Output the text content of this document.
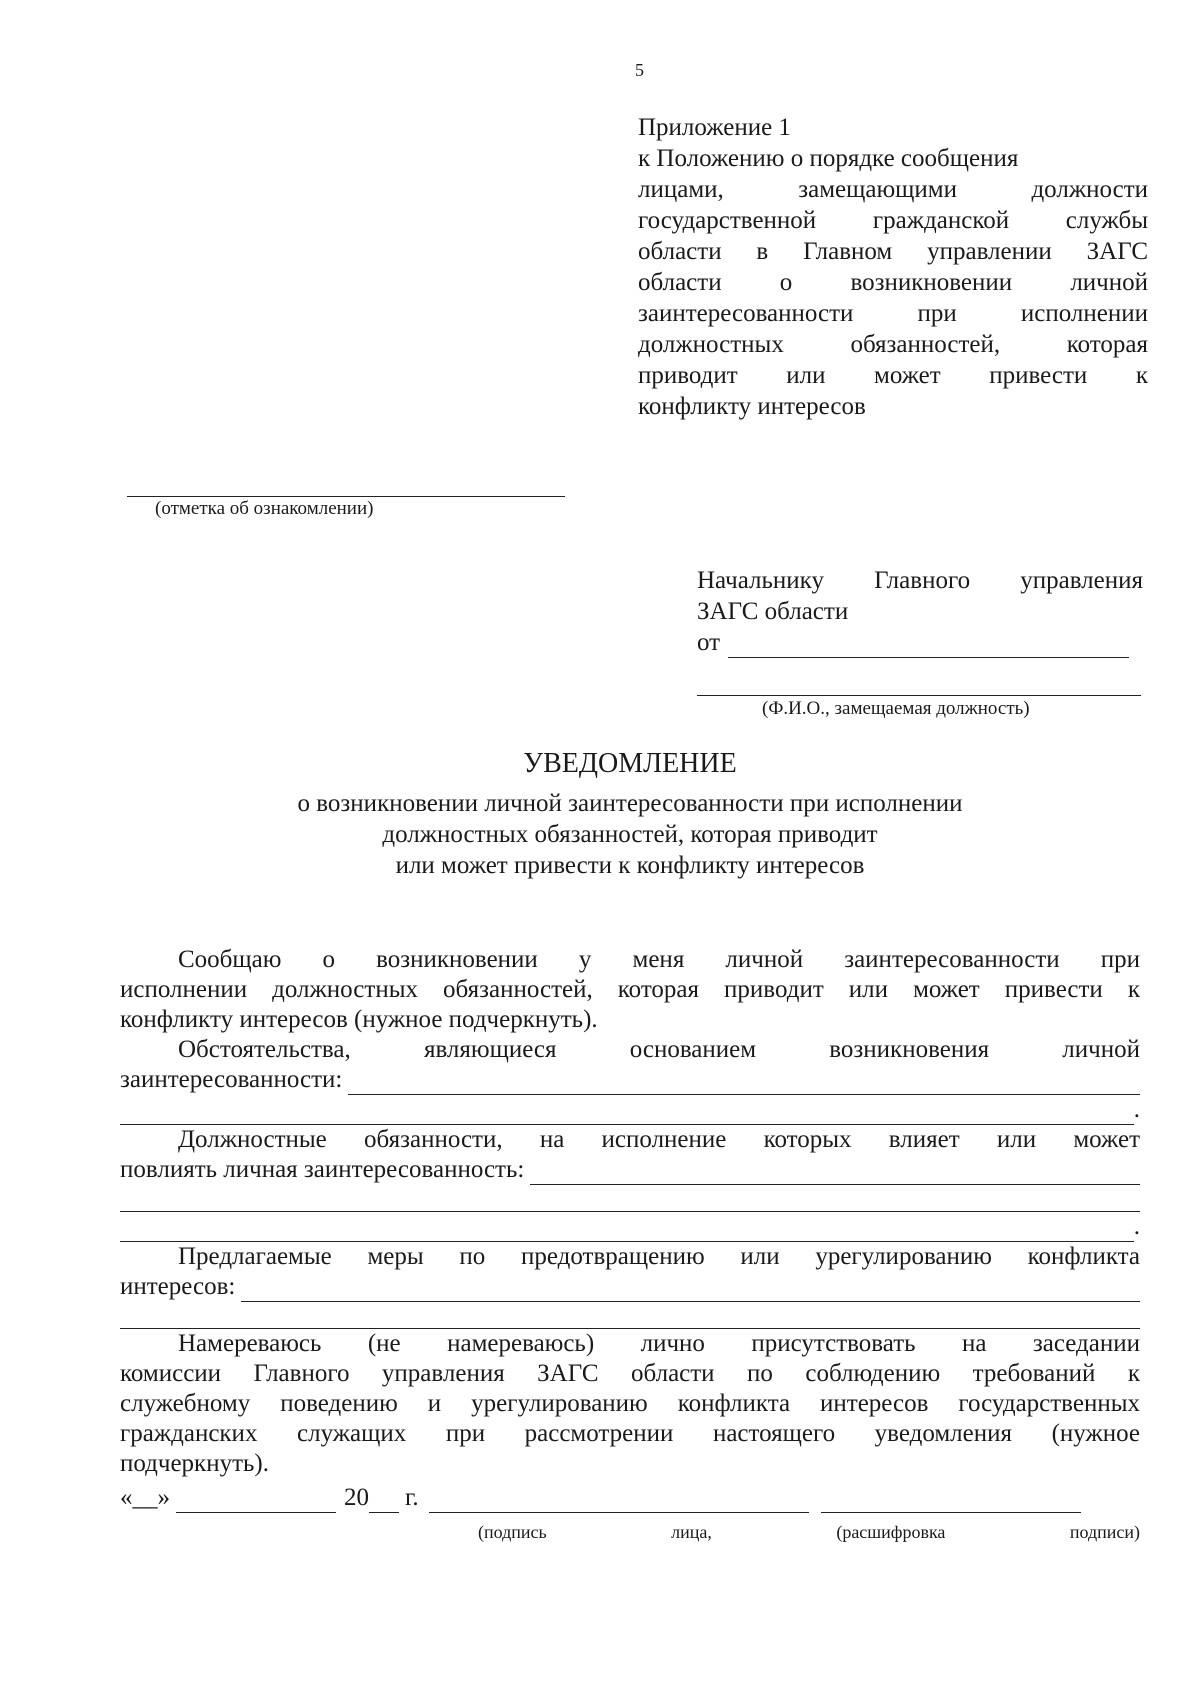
5
Приложение 1
к Положению о порядке сообщения
лицами, замещающими должности
государственной гражданской службы
области в Главном управлении ЗАГС
области о возникновении личной
заинтересованности при исполнении
должностных обязанностей, которая
приводит или может привести к
конфликту интересов
(отметка об ознакомлении)
Начальнику Главного управления
ЗАГС области
от
(Ф.И.О., замещаемая должность)
УВЕДОМЛЕНИЕ
о возникновении личной заинтересованности при исполнении
должностных обязанностей, которая приводит
или может привести к конфликту интересов

Сообщаю о возникновении у меня личной заинтересованности при

исполнении должностных обязанностей, которая приводит или может привести к

конфликту интересов (нужное подчеркнуть).

Обстоятельства, являющиеся основанием возникновения личной

заинтересованности:
.

Должностные обязанности, на исполнение которых влияет или может

повлиять личная заинтересованность:
.

Предлагаемые меры по предотвращению или урегулированию конфликта

интересов:

Намереваюсь (не намереваюсь) лично присутствовать на заседании

комиссии Главного управления ЗАГС области по соблюдению требований к

служебному поведению и урегулированию конфликта интересов государственных

гражданских служащих при рассмотрении настоящего уведомления (нужное

подчеркнуть).

«__»	20 г.
(подпись	лица,	(расшифровка	подписи)
